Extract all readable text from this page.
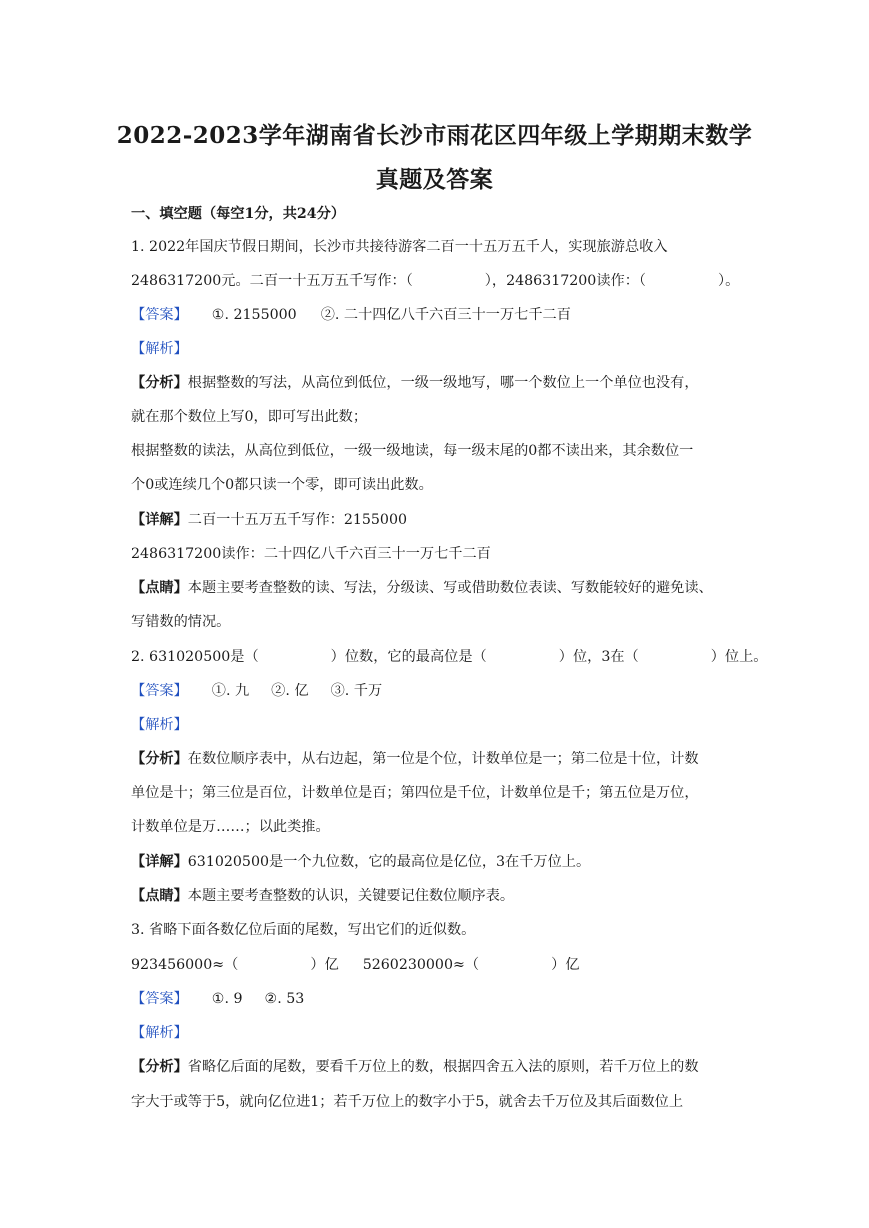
2022-2023学年湖南省长沙市雨花区四年级上学期期末数学
真题及答案
一、填空题（每空1分，共24分）
1. 2022年国庆节假日期间，长沙市共接待游客二百一十五万五千人，实现旅游总收入
2486317200元。二百一十五万五千写作：（	），2486317200读作：（	）。
【答案】 ①. 2155000 ②. 二十四亿八千六百三十一万七千二百
【解析】
【分析】根据整数的写法，从高位到低位，一级一级地写，哪一个数位上一个单位也没有，
就在那个数位上写0，即可写出此数；
根据整数的读法，从高位到低位，一级一级地读，每一级末尾的0都不读出来，其余数位一
个0或连续几个0都只读一个零，即可读出此数。
【详解】二百一十五万五千写作：2155000
2486317200读作：二十四亿八千六百三十一万七千二百
【点睛】本题主要考查整数的读、写法，分级读、写或借助数位表读、写数能较好的避免读、
写错数的情况。
2. 631020500是（	）位数，它的最高位是（	）位，3在（	）位上。
【答案】 ①. 九 ②. 亿 ③. 千万
【解析】
【分析】在数位顺序表中，从右边起，第一位是个位，计数单位是一；第二位是十位，计数
单位是十；第三位是百位，计数单位是百；第四位是千位，计数单位是千；第五位是万位，
计数单位是万……；以此类推。
【详解】631020500是一个九位数，它的最高位是亿位，3在千万位上。
【点睛】本题主要考查整数的认识，关键要记住数位顺序表。
3. 省略下面各数亿位后面的尾数，写出它们的近似数。
923456000≈（	）亿 5260230000≈（	）亿
【答案】 ①. 9 ②. 53
【解析】
【分析】省略亿后面的尾数，要看千万位上的数，根据四舍五入法的原则，若千万位上的数
字大于或等于5，就向亿位进1；若千万位上的数字小于5，就舍去千万位及其后面数位上
